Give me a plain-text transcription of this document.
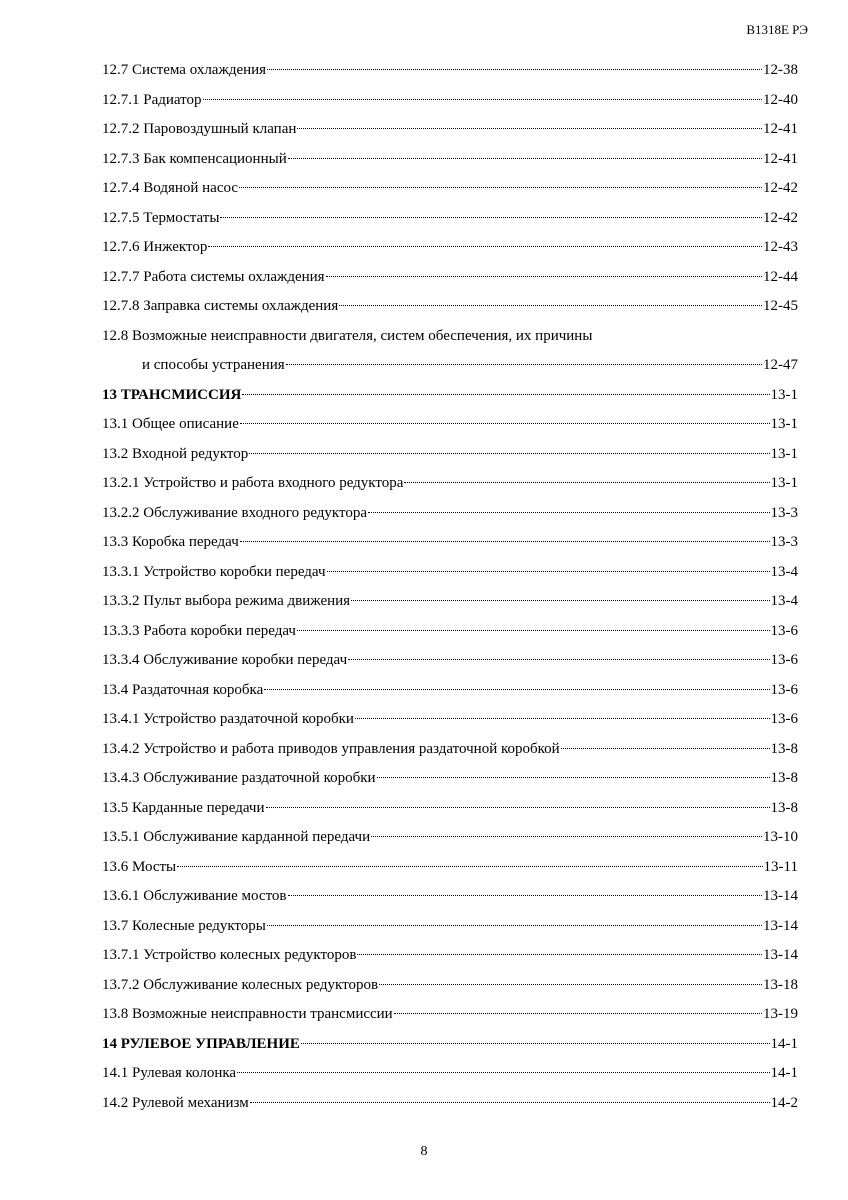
В1318Е РЭ
12.7 Система охлаждения	12-38
12.7.1 Радиатор	12-40
12.7.2 Паровоздушный клапан	12-41
12.7.3 Бак компенсационный	12-41
12.7.4 Водяной насос	12-42
12.7.5 Термостаты	12-42
12.7.6 Инжектор	12-43
12.7.7 Работа системы охлаждения	12-44
12.7.8 Заправка системы охлаждения	12-45
12.8 Возможные неисправности двигателя, систем обеспечения, их причины
и способы устранения	12-47
13 ТРАНСМИССИЯ	13-1
13.1 Общее описание	13-1
13.2 Входной редуктор	13-1
13.2.1 Устройство и работа входного редуктора	13-1
13.2.2 Обслуживание входного редуктора	13-3
13.3 Коробка передач	13-3
13.3.1 Устройство коробки передач	13-4
13.3.2 Пульт выбора режима движения	13-4
13.3.3 Работа коробки передач	13-6
13.3.4 Обслуживание коробки передач	13-6
13.4 Раздаточная коробка	13-6
13.4.1 Устройство раздаточной коробки	13-6
13.4.2 Устройство и работа приводов управления раздаточной коробкой	13-8
13.4.3 Обслуживание раздаточной коробки	13-8
13.5 Карданные передачи	13-8
13.5.1 Обслуживание карданной передачи	13-10
13.6 Мосты	13-11
13.6.1 Обслуживание мостов	13-14
13.7 Колесные редукторы	13-14
13.7.1 Устройство колесных редукторов	13-14
13.7.2 Обслуживание колесных редукторов	13-18
13.8 Возможные неисправности трансмиссии	13-19
14 РУЛЕВОЕ УПРАВЛЕНИЕ	14-1
14.1 Рулевая колонка	14-1
14.2 Рулевой механизм	14-2
8
